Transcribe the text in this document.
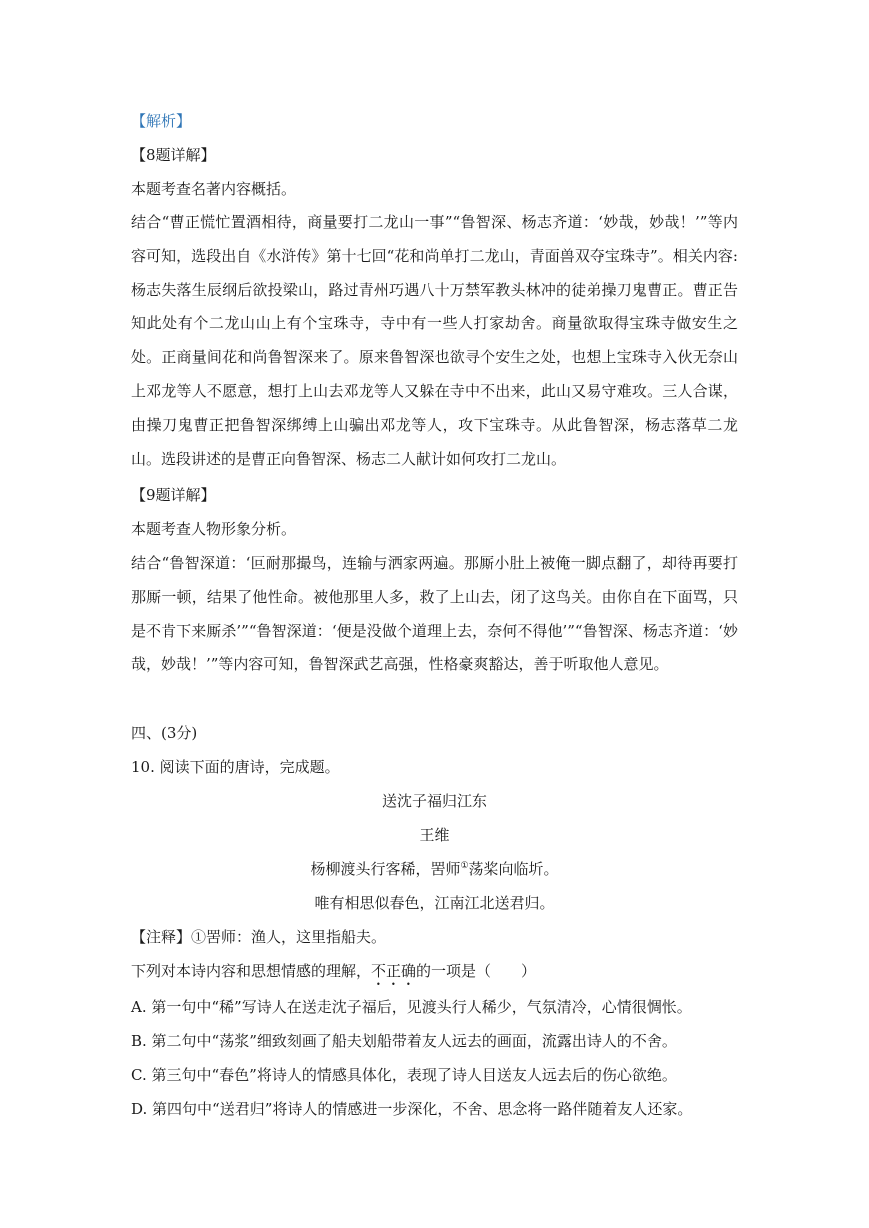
【解析】
【8题详解】
本题考查名著内容概括。

结合“曹正慌忙置酒相待，商量要打二龙山一事”“鲁智深、杨志齐道：‘妙哉，妙哉！’”等内容可知，选段出自《水浒传》第十七回“花和尚单打二龙山，青面兽双夺宝珠寺”。相关内容:杨志失落生辰纲后欲投梁山，路过青州巧遇八十万禁军教头林冲的徒弟操刀鬼曹正。曹正告知此处有个二龙山山上有个宝珠寺，寺中有一些人打家劫舍。商量欲取得宝珠寺做安生之处。正商量间花和尚鲁智深来了。原来鲁智深也欲寻个安生之处，也想上宝珠寺入伙无奈山上邓龙等人不愿意，想打上山去邓龙等人又躲在寺中不出来，此山又易守难攻。三人合谋，由操刀鬼曹正把鲁智深绑缚上山骗出邓龙等人，攻下宝珠寺。从此鲁智深，杨志落草二龙山。选段讲述的是曹正向鲁智深、杨志二人献计如何攻打二龙山。

【9题详解】
本题考查人物形象分析。

结合“鲁智深道：‘叵耐那撮鸟，连输与洒家两遍。那厮小肚上被俺一脚点翻了，却待再要打那厮一顿，结果了他性命。被他那里人多，救了上山去，闭了这鸟关。由你自在下面骂，只是不肯下来厮杀’”“鲁智深道：‘便是没做个道理上去，奈何不得他’”“鲁智深、杨志齐道：‘妙哉，妙哉！’”等内容可知，鲁智深武艺高强，性格豪爽豁达，善于听取他人意见。

四、(3分)
10. 阅读下面的唐诗，完成题。
送沈子福归江东
王维
杨柳渡头行客稀，罟师①荡桨向临圻。
唯有相思似春色，江南江北送君归。
【注释】①罟师：渔人，这里指船夫。
下列对本诗内容和思想情感的理解，不正确的一项是（　　）
A. 第一句中“稀”写诗人在送走沈子福后，见渡头行人稀少，气氛清冷，心情很惆怅。
B. 第二句中“荡浆”细致刻画了船夫划船带着友人远去的画面，流露出诗人的不舍。
C. 第三句中“春色”将诗人的情感具体化，表现了诗人目送友人远去后的伤心欲绝。
D. 第四句中“送君归”将诗人的情感进一步深化，不舍、思念将一路伴随着友人还家。
